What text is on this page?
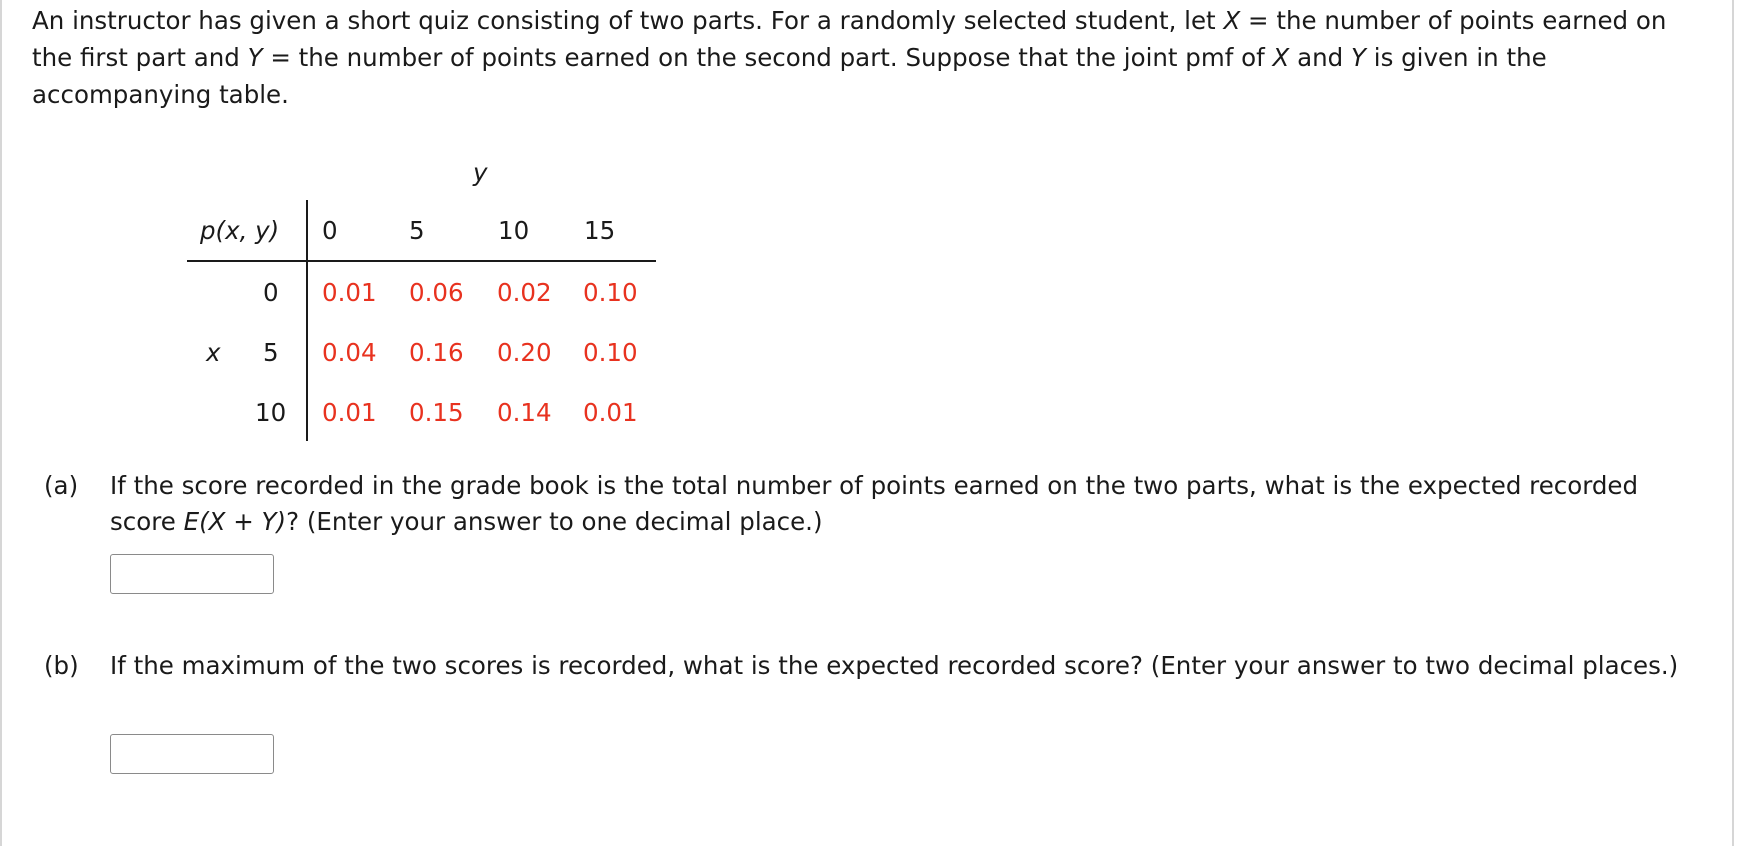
An instructor has given a short quiz consisting of two parts. For a randomly selected student, let X = the number of points earned on the first part and Y = the number of points earned on the second part. Suppose that the joint pmf of X and Y is given in the accompanying table.

y
p(x, y) 0	5	10 15
x
0 0.01 0.06 0.02 0.10
5 0.04 0.16 0.20 0.10
10 0.01 0.15 0.14 0.01
(a) If the score recorded in the grade book is the total number of points earned on the two parts, what is the expected recorded score E(X + Y)? (Enter your answer to one decimal place.)
(b) If the maximum of the two scores is recorded, what is the expected recorded score? (Enter your answer to two decimal places.)
